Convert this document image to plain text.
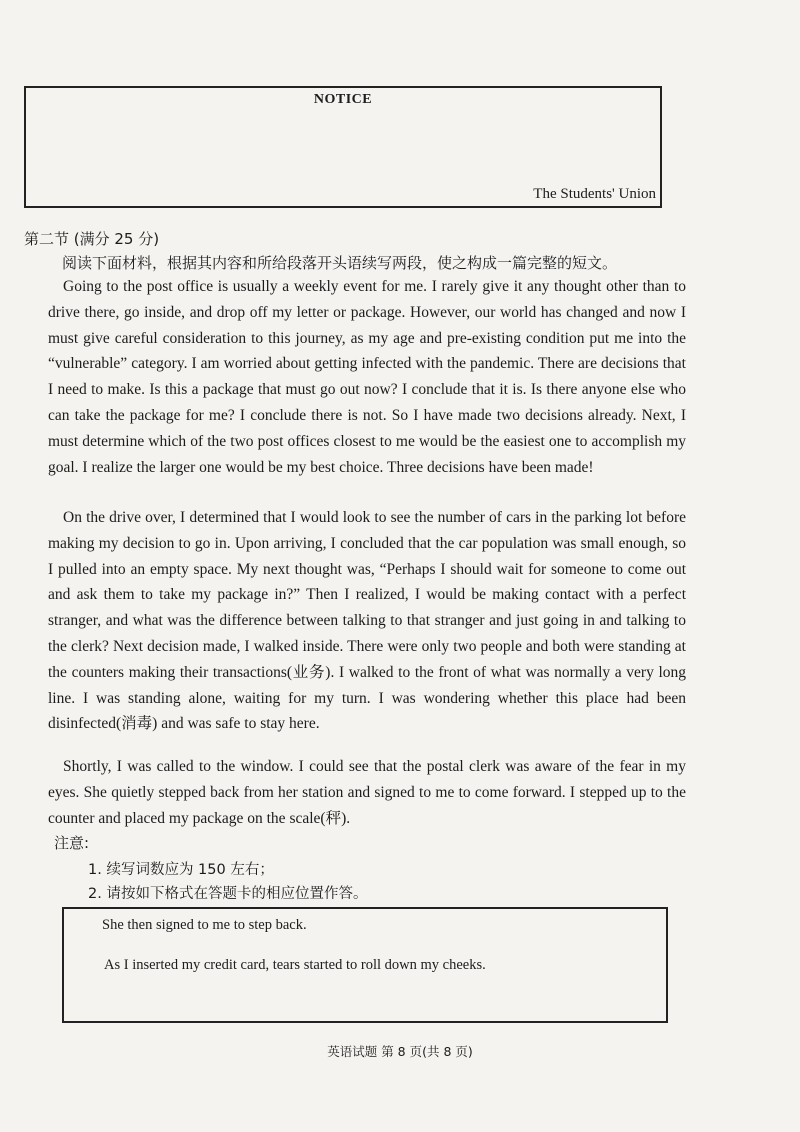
NOTICE
The Students' Union
第二节 (满分 25 分)
阅读下面材料，根据其内容和所给段落开头语续写两段，使之构成一篇完整的短文。

Going to the post office is usually a weekly event for me. I rarely give it any thought other than to drive there, go inside, and drop off my letter or package. However, our world has changed and now I must give careful consideration to this journey, as my age and pre-existing condition put me into the “vulnerable” category. I am worried about getting infected with the pandemic. There are decisions that I need to make. Is this a package that must go out now? I conclude that it is. Is there anyone else who can take the package for me? I conclude there is not. So I have made two decisions already. Next, I must determine which of the two post offices closest to me would be the easiest one to accomplish my goal. I realize the larger one would be my best choice. Three decisions have been made!

On the drive over, I determined that I would look to see the number of cars in the parking lot before making my decision to go in. Upon arriving, I concluded that the car population was small enough, so I pulled into an empty space. My next thought was, “Perhaps I should wait for someone to come out and ask them to take my package in?” Then I realized, I would be making contact with a perfect stranger, and what was the difference between talking to that stranger and just going in and talking to the clerk? Next decision made, I walked inside. There were only two people and both were standing at the counters making their transactions(业务). I walked to the front of what was normally a very long line. I was standing alone, waiting for my turn. I was wondering whether this place had been disinfected(消毒) and was safe to stay here.

Shortly, I was called to the window. I could see that the postal clerk was aware of the fear in my eyes. She quietly stepped back from her station and signed to me to come forward. I stepped up to the counter and placed my package on the scale(秤).

注意:
1. 续写词数应为 150 左右；
2. 请按如下格式在答题卡的相应位置作答。
She then signed to me to step back.
As I inserted my credit card, tears started to roll down my cheeks.
英语试题 第 8 页(共 8 页)
